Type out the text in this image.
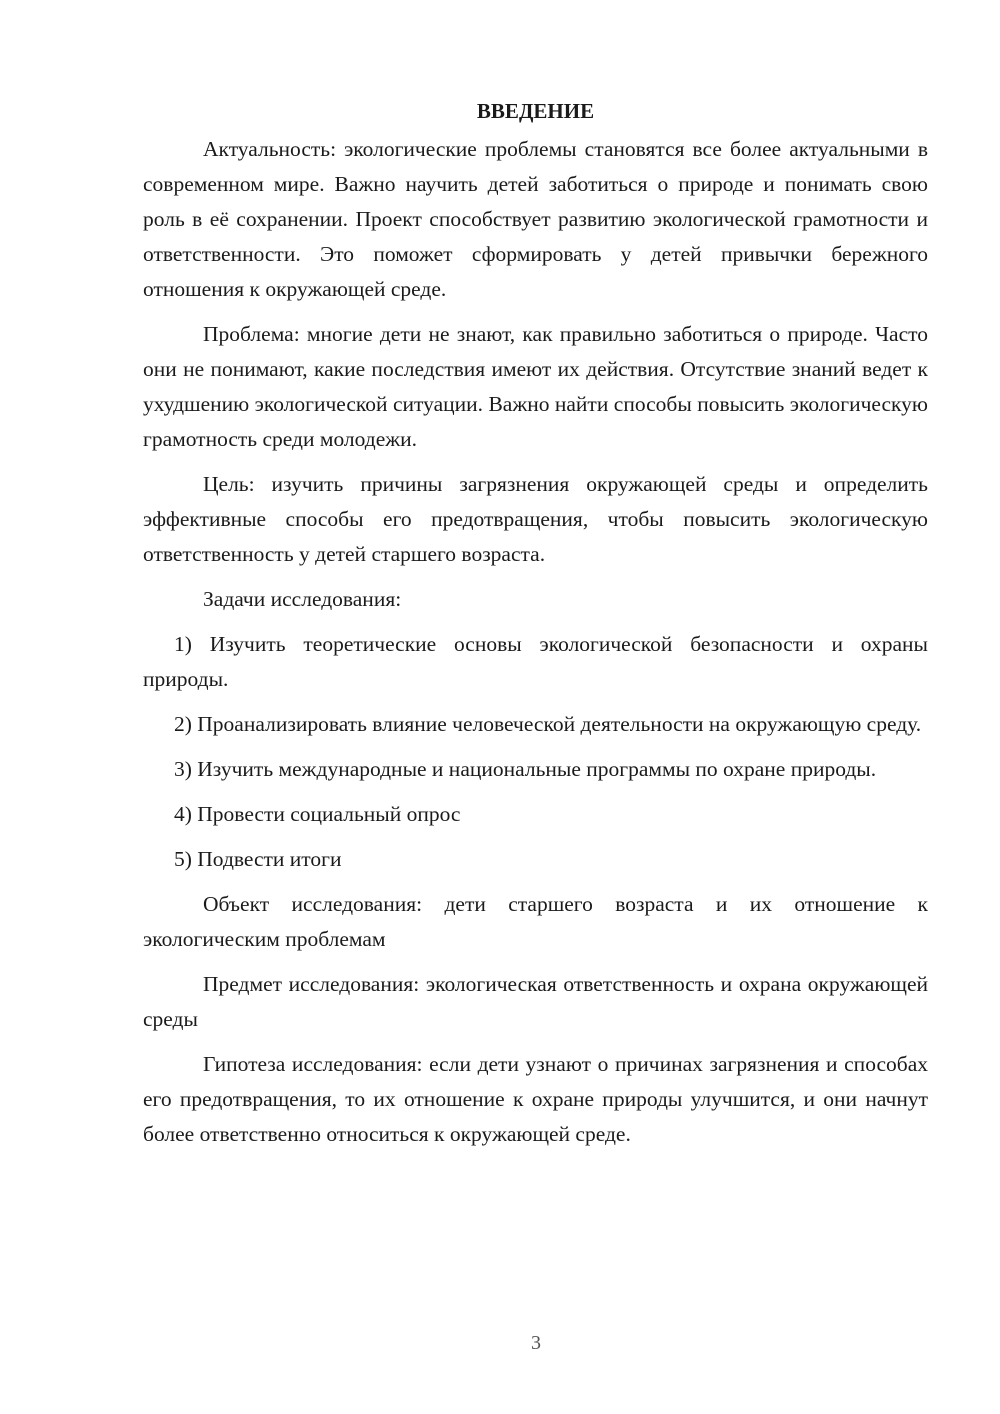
ВВЕДЕНИЕ

Актуальность: экологические проблемы становятся все более актуальными в современном мире. Важно научить детей заботиться о природе и понимать свою роль в её сохранении. Проект способствует развитию экологической грамотности и ответственности. Это поможет сформировать у детей привычки бережного отношения к окружающей среде.

Проблема: многие дети не знают, как правильно заботиться о природе. Часто они не понимают, какие последствия имеют их действия. Отсутствие знаний ведет к ухудшению экологической ситуации. Важно найти способы повысить экологическую грамотность среди молодежи.

Цель: изучить причины загрязнения окружающей среды и определить эффективные способы его предотвращения, чтобы повысить экологическую ответственность у детей старшего возраста.

Задачи исследования:

1) Изучить теоретические основы экологической безопасности и охраны природы.

2) Проанализировать влияние человеческой деятельности на окружающую среду.

3) Изучить международные и национальные программы по охране природы.

4) Провести социальный опрос

5) Подвести итоги

Объект исследования: дети старшего возраста и их отношение к экологическим проблемам

Предмет исследования: экологическая ответственность и охрана окружающей среды

Гипотеза исследования: если дети узнают о причинах загрязнения и способах его предотвращения, то их отношение к охране природы улучшится, и они начнут более ответственно относиться к окружающей среде.

3
